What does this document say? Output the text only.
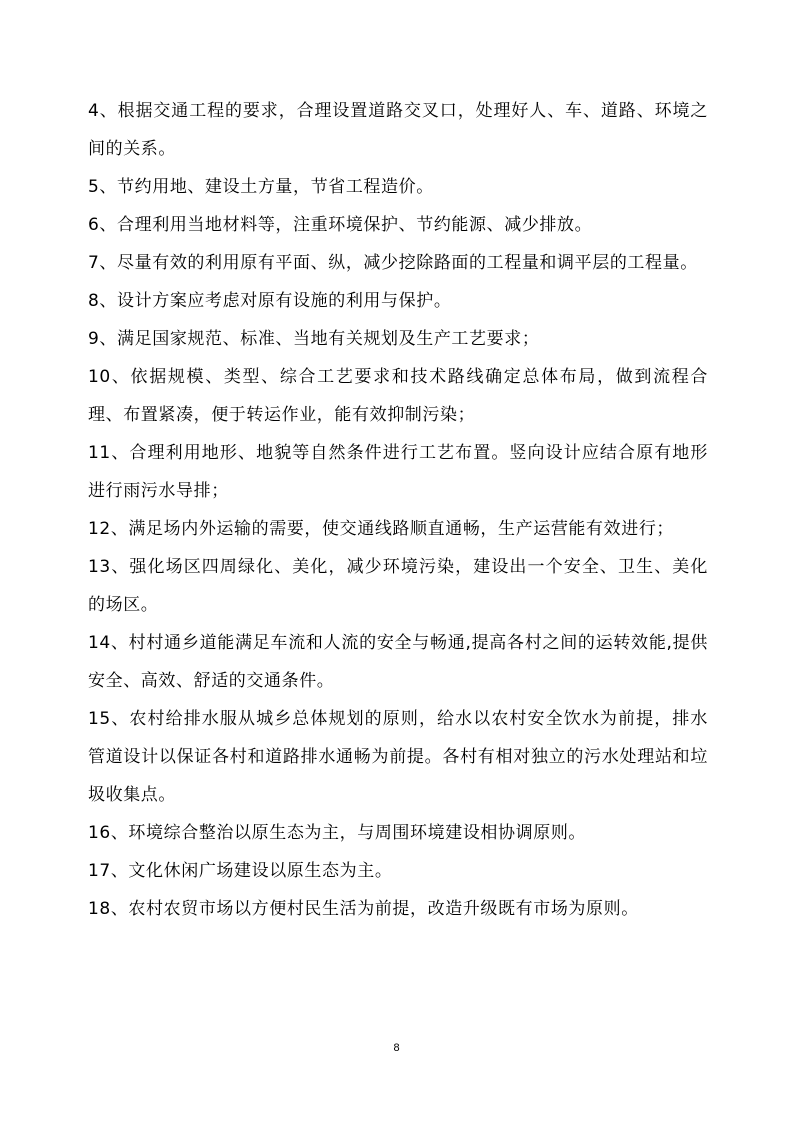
4、根据交通工程的要求，合理设置道路交叉口，处理好人、车、道路、环境之间的关系。

5、节约用地、建设土方量，节省工程造价。

6、合理利用当地材料等，注重环境保护、节约能源、减少排放。

7、尽量有效的利用原有平面、纵，减少挖除路面的工程量和调平层的工程量。

8、设计方案应考虑对原有设施的利用与保护。

9、满足国家规范、标准、当地有关规划及生产工艺要求；

10、依据规模、类型、综合工艺要求和技术路线确定总体布局，做到流程合理、布置紧凑，便于转运作业，能有效抑制污染；

11、合理利用地形、地貌等自然条件进行工艺布置。竖向设计应结合原有地形进行雨污水导排；

12、满足场内外运输的需要，使交通线路顺直通畅，生产运营能有效进行；

13、强化场区四周绿化、美化，减少环境污染，建设出一个安全、卫生、美化的场区。

14、村村通乡道能满足车流和人流的安全与畅通,提高各村之间的运转效能,提供安全、高效、舒适的交通条件。

15、农村给排水服从城乡总体规划的原则，给水以农村安全饮水为前提，排水管道设计以保证各村和道路排水通畅为前提。各村有相对独立的污水处理站和垃圾收集点。

16、环境综合整治以原生态为主，与周围环境建设相协调原则。

17、文化休闲广场建设以原生态为主。

18、农村农贸市场以方便村民生活为前提，改造升级既有市场为原则。

8
